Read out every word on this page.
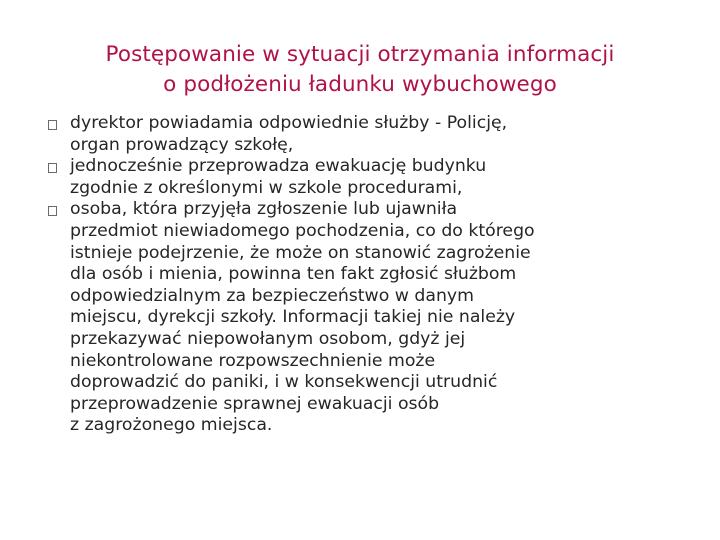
Postępowanie w sytuacji otrzymania informacji
o podłożeniu ładunku wybuchowego
dyrektor powiadamia odpowiednie służby - Policję,
organ prowadzący szkołę,
jednocześnie przeprowadza ewakuację budynku
zgodnie z określonymi w szkole procedurami,
osoba, która przyjęła zgłoszenie lub ujawniła
przedmiot niewiadomego pochodzenia, co do którego
istnieje podejrzenie, że może on stanowić zagrożenie
dla osób i mienia, powinna ten fakt zgłosić służbom
odpowiedzialnym za bezpieczeństwo w danym
miejscu, dyrekcji szkoły. Informacji takiej nie należy
przekazywać niepowołanym osobom, gdyż jej
niekontrolowane rozpowszechnienie może
doprowadzić do paniki, i w konsekwencji utrudnić
przeprowadzenie sprawnej ewakuacji osób
z zagrożonego miejsca.
